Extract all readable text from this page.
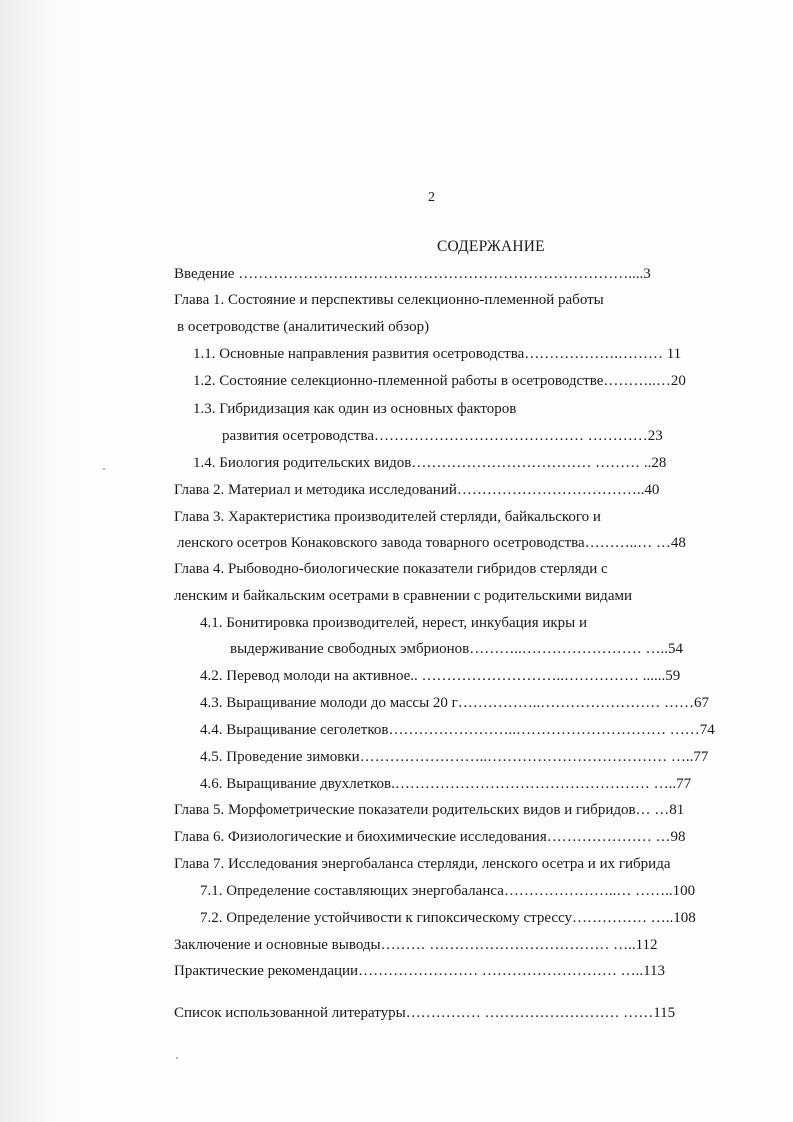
2
СОДЕРЖАНИЕ
Введение ……………………………………………………………………....3
Глава 1. Состояние и перспективы селекционно-племенной работы
в осетроводстве (аналитический обзор)
1.1. Основные направления развития осетроводства……………….……… 11
1.2. Состояние селекционно-племенной работы в осетроводстве………..…20
1.3. Гибридизация как один из основных факторов
развития осетроводства…………………………………… …………23
1.4. Биология родительских видов……………………………… ……… ..28
Глава 2. Материал и методика исследований………………………………..40
Глава 3. Характеристика производителей стерляди, байкальского и
ленского осетров Конаковского завода товарного осетроводства………..… …48
Глава 4. Рыбоводно-биологические показатели гибридов стерляди с
ленским и байкальским осетрами в сравнении с родительскими видами
4.1. Бонитировка производителей, нерест, инкубация икры и
выдерживание свободных эмбрионов………..…………………… …..54
4.2. Перевод молоди на активное.. ………………………..…………… ......59
4.3. Выращивание молоди до массы 20 г……………..…………………… ……67
4.4. Выращивание сеголетков……………………..………………………… ……74
4.5. Проведение зимовки……………………..……………………………… …..77
4.6. Выращивание двухлетков.…………………………………………… …..77
Глава 5. Морфометрические показатели родительских видов и гибридов… …81
Глава 6. Физиологические и биохимические исследования………………… …98
Глава 7. Исследования энергобаланса стерляди, ленского осетра и их гибрида
7.1. Определение составляющих энергобаланса…………………..… ……..100
7.2. Определение устойчивости к гипоксическому стрессу…………… …..108
Заключение и основные выводы……… ……………………………… …..112
Практические рекомендации…………………… ……………………… …..113
Список использованной литературы…………… ……………………… ……115
